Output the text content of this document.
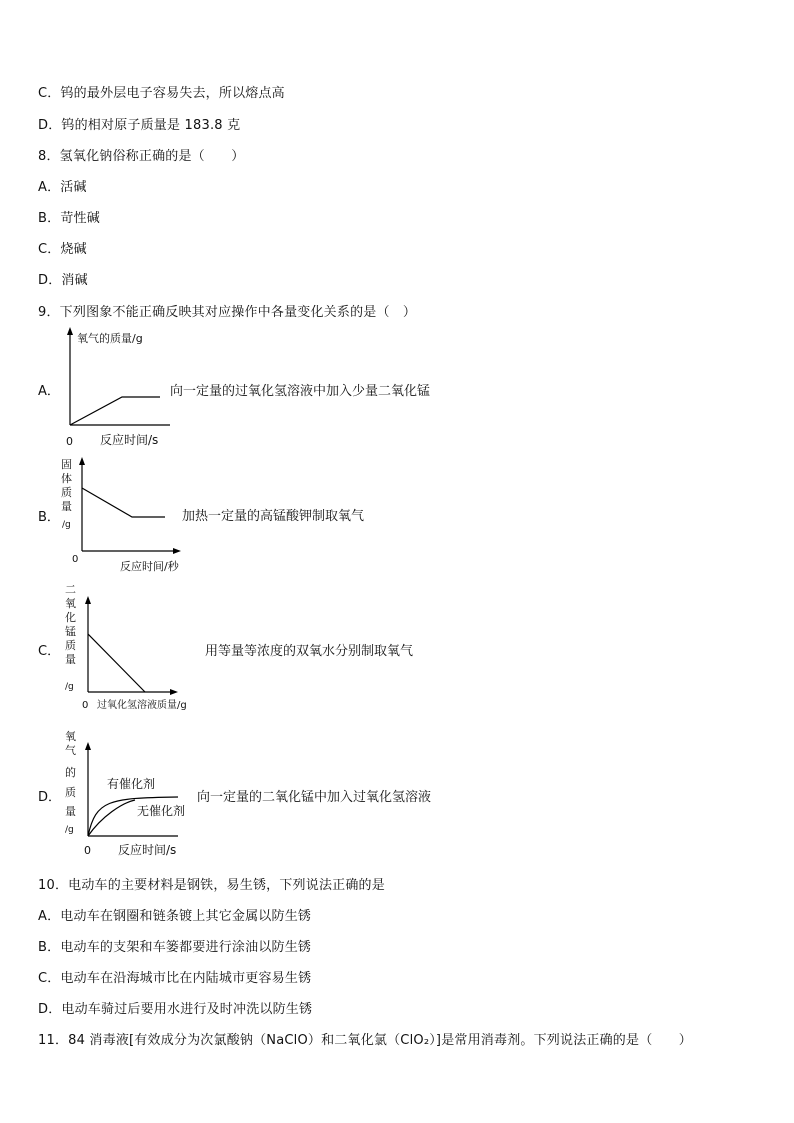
C．钨的最外层电子容易失去，所以熔点高
D．钨的相对原子质量是 183.8 克
8．氢氧化钠俗称正确的是（　　）
A．活碱
B．苛性碱
C．烧碱
D．消碱
9．下列图象不能正确反映其对应操作中各量变化关系的是（　）
A．
氧气的质量/g
0 反应时间/s
向一定量的过氧化氢溶液中加入少量二氧化锰
B．
固
体
质
量
/g
0
反应时间/秒
加热一定量的高锰酸钾制取氧气
C．
二
氧
化
锰
质
量
/g
0 过氧化氢溶液质量/g
用等量等浓度的双氧水分别制取氧气
D．
氧
气
的
质
量
/g
有催化剂
无催化剂
0 反应时间/s
向一定量的二氧化锰中加入过氧化氢溶液
10．电动车的主要材料是钢铁，易生锈，下列说法正确的是
A．电动车在钢圈和链条镀上其它金属以防生锈
B．电动车的支架和车篓都要进行涂油以防生锈
C．电动车在沿海城市比在内陆城市更容易生锈
D．电动车骑过后要用水进行及时冲洗以防生锈
11．84 消毒液[有效成分为次氯酸钠（NaClO）和二氧化氯（ClO₂）]是常用消毒剂。下列说法正确的是（　　）
